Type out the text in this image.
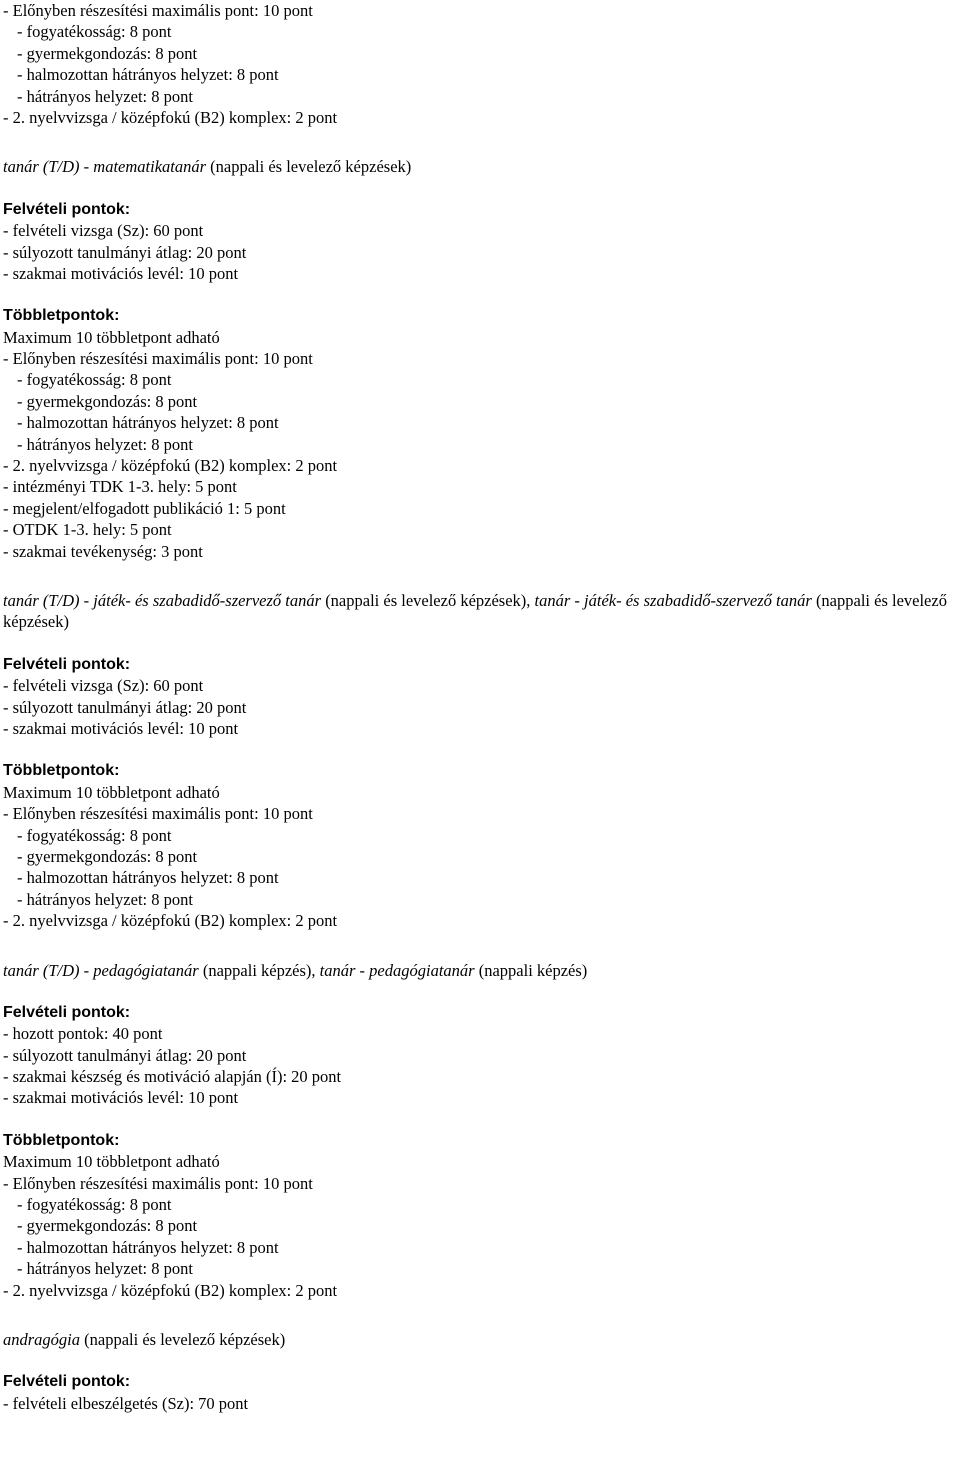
- Előnyben részesítési maximális pont: 10 pont
- fogyatékosság: 8 pont
- gyermekgondozás: 8 pont
- halmozottan hátrányos helyzet: 8 pont
- hátrányos helyzet: 8 pont
- 2. nyelvvizsga / középfokú (B2) komplex: 2 pont
tanár (T/D) - matematikatanár (nappali és levelező képzések)
Felvételi pontok:
- felvételi vizsga (Sz): 60 pont
- súlyozott tanulmányi átlag: 20 pont
- szakmai motivációs levél: 10 pont
Többletpontok:
Maximum 10 többletpont adható
- Előnyben részesítési maximális pont: 10 pont
- fogyatékosság: 8 pont
- gyermekgondozás: 8 pont
- halmozottan hátrányos helyzet: 8 pont
- hátrányos helyzet: 8 pont
- 2. nyelvvizsga / középfokú (B2) komplex: 2 pont
- intézményi TDK 1-3. hely: 5 pont
- megjelent/elfogadott publikáció 1: 5 pont
- OTDK 1-3. hely: 5 pont
- szakmai tevékenység: 3 pont
tanár (T/D) - játék- és szabadidő-szervező tanár (nappali és levelező képzések), tanár - játék- és szabadidő-szervező tanár (nappali és levelező képzések)
Felvételi pontok:
- felvételi vizsga (Sz): 60 pont
- súlyozott tanulmányi átlag: 20 pont
- szakmai motivációs levél: 10 pont
Többletpontok:
Maximum 10 többletpont adható
- Előnyben részesítési maximális pont: 10 pont
- fogyatékosság: 8 pont
- gyermekgondozás: 8 pont
- halmozottan hátrányos helyzet: 8 pont
- hátrányos helyzet: 8 pont
- 2. nyelvvizsga / középfokú (B2) komplex: 2 pont
tanár (T/D) - pedagógiatanár (nappali képzés), tanár - pedagógiatanár (nappali képzés)
Felvételi pontok:
- hozott pontok: 40 pont
- súlyozott tanulmányi átlag: 20 pont
- szakmai készség és motiváció alapján (Í): 20 pont
- szakmai motivációs levél: 10 pont
Többletpontok:
Maximum 10 többletpont adható
- Előnyben részesítési maximális pont: 10 pont
- fogyatékosság: 8 pont
- gyermekgondozás: 8 pont
- halmozottan hátrányos helyzet: 8 pont
- hátrányos helyzet: 8 pont
- 2. nyelvvizsga / középfokú (B2) komplex: 2 pont
andragógia (nappali és levelező képzések)
Felvételi pontok:
- felvételi elbeszélgetés (Sz): 70 pont
